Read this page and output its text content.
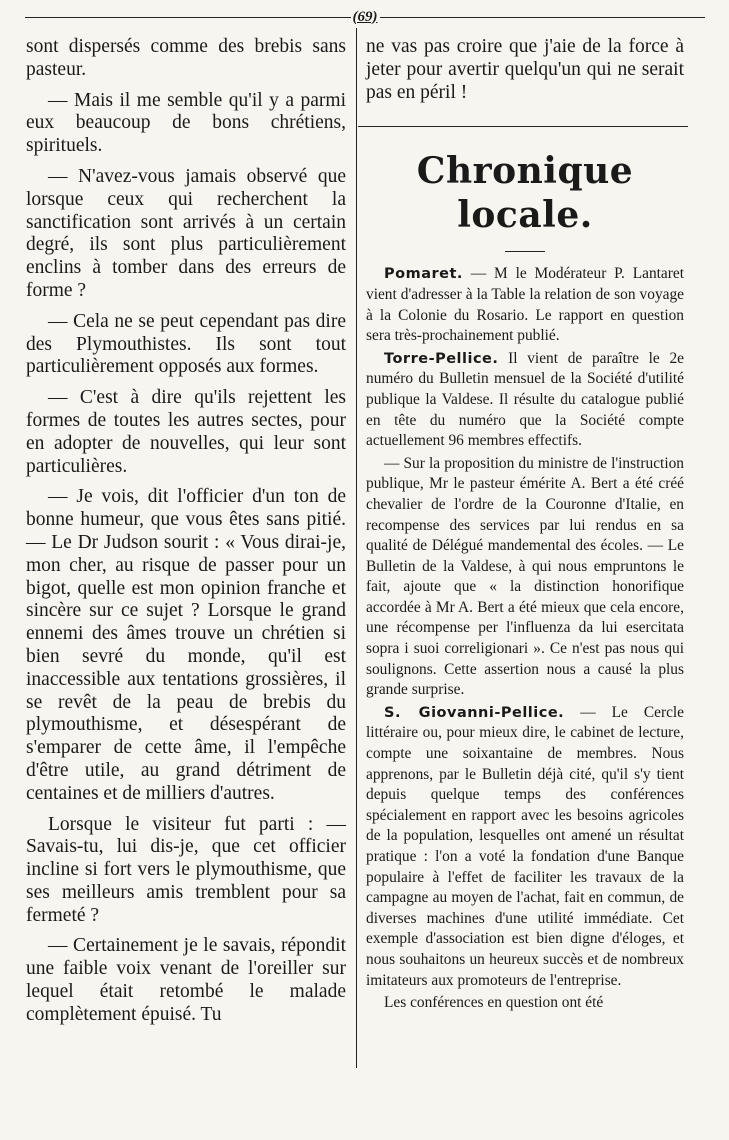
(69)

sont dispersés comme des brebis sans pasteur.

— Mais il me semble qu'il y a parmi eux beaucoup de bons chrétiens, spirituels.

— N'avez-vous jamais observé que lorsque ceux qui recherchent la sanctification sont arrivés à un certain degré, ils sont plus particulièrement enclins à tomber dans des erreurs de forme ?

— Cela ne se peut cependant pas dire des Plymouthistes. Ils sont tout particulièrement opposés aux formes.

— C'est à dire qu'ils rejettent les formes de toutes les autres sectes, pour en adopter de nouvelles, qui leur sont particulières.

— Je vois, dit l'officier d'un ton de bonne humeur, que vous êtes sans pitié. — Le Dr Judson sourit : « Vous dirai-je, mon cher, au risque de passer pour un bigot, quelle est mon opinion franche et sincère sur ce sujet ? Lorsque le grand ennemi des âmes trouve un chrétien si bien sevré du monde, qu'il est inaccessible aux tentations grossières, il se revêt de la peau de brebis du plymouthisme, et désespérant de s'emparer de cette âme, il l'empêche d'être utile, au grand détriment de centaines et de milliers d'autres.

Lorsque le visiteur fut parti : — Savais-tu, lui dis-je, que cet officier incline si fort vers le plymouthisme, que ses meilleurs amis tremblent pour sa fermeté ?

— Certainement je le savais, répondit une faible voix venant de l'oreiller sur lequel était retombé le malade complètement épuisé. Tu

ne vas pas croire que j'aie de la force à jeter pour avertir quelqu'un qui ne serait pas en péril !

Chronique locale.

Pomaret. — M le Modérateur P. Lantaret vient d'adresser à la Table la relation de son voyage à la Colonie du Rosario. Le rapport en question sera très-prochainement publié.

Torre-Pellice. Il vient de paraître le 2e numéro du Bulletin mensuel de la Société d'utilité publique la Valdese. Il résulte du catalogue publié en tête du numéro que la Société compte actuellement 96 membres effectifs.

— Sur la proposition du ministre de l'instruction publique, Mr le pasteur émérite A. Bert a été créé chevalier de l'ordre de la Couronne d'Italie, en recompense des services par lui rendus en sa qualité de Délégué mandemental des écoles. — Le Bulletin de la Valdese, à qui nous empruntons le fait, ajoute que « la distinction honorifique accordée à Mr A. Bert a été mieux que cela encore, une récompense per l'influenza da lui esercitata sopra i suoi correligionari ». Ce n'est pas nous qui soulignons. Cette assertion nous a causé la plus grande surprise.

S. Giovanni-Pellice. — Le Cercle littéraire ou, pour mieux dire, le cabinet de lecture, compte une soixantaine de membres. Nous apprenons, par le Bulletin déjà cité, qu'il s'y tient depuis quelque temps des conférences spécialement en rapport avec les besoins agricoles de la population, lesquelles ont amené un résultat pratique : l'on a voté la fondation d'une Banque populaire à l'effet de faciliter les travaux de la campagne au moyen de l'achat, fait en commun, de diverses machines d'une utilité immédiate. Cet exemple d'association est bien digne d'éloges, et nous souhaitons un heureux succès et de nombreux imitateurs aux promoteurs de l'entreprise.

Les conférences en question ont été
